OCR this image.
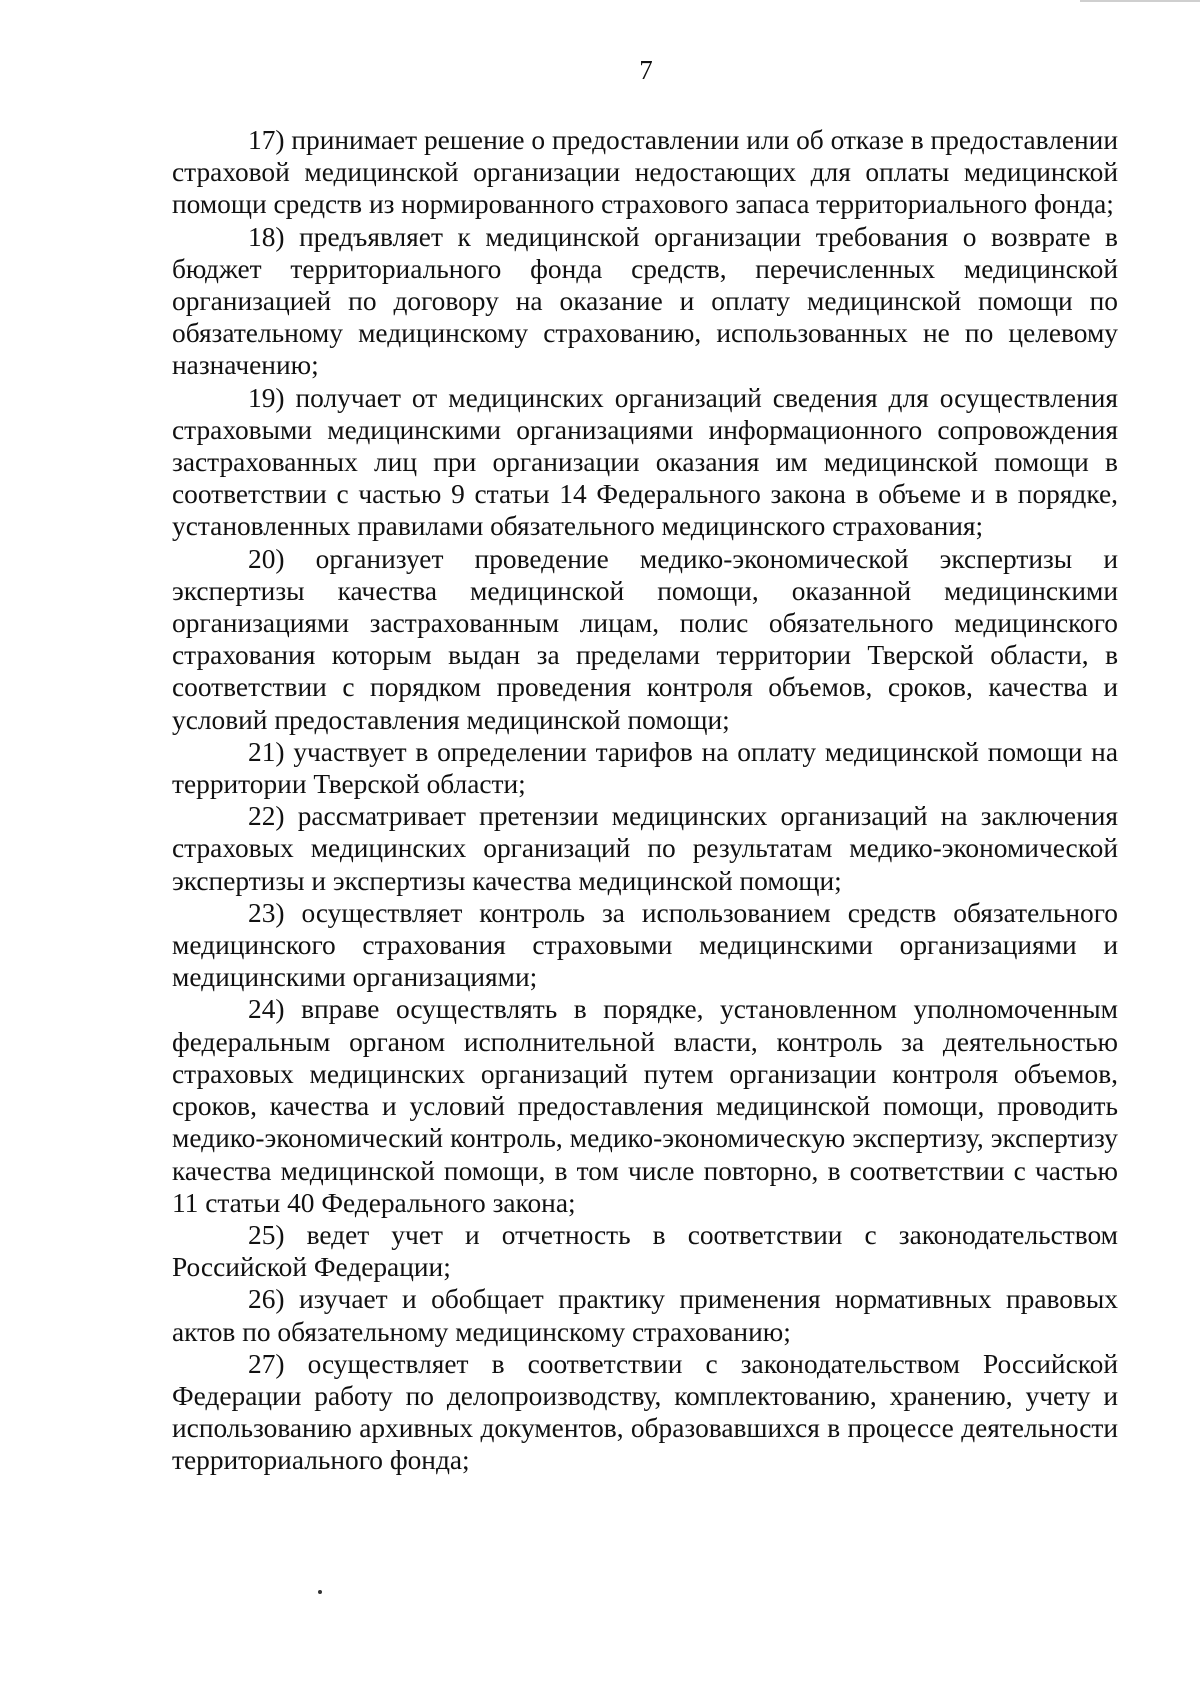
7

17) принимает решение о предоставлении или об отказе в предоставлении страховой медицинской организации недостающих для оплаты медицинской помощи средств из нормированного страхового запаса территориального фонда;

18) предъявляет к медицинской организации требования о возврате в бюджет территориального фонда средств, перечисленных медицинской организацией по договору на оказание и оплату медицинской помощи по обязательному медицинскому страхованию, использованных не по целевому назначению;

19) получает от медицинских организаций сведения для осуществления страховыми медицинскими организациями информационного сопровождения застрахованных лиц при организации оказания им медицинской помощи в соответствии с частью 9 статьи 14 Федерального закона в объеме и в порядке, установленных правилами обязательного медицинского страхования;

20) организует проведение медико-экономической экспертизы и экспертизы качества медицинской помощи, оказанной медицинскими организациями застрахованным лицам, полис обязательного медицинского страхования которым выдан за пределами территории Тверской области, в соответствии с порядком проведения контроля объемов, сроков, качества и условий предоставления медицинской помощи;

21) участвует в определении тарифов на оплату медицинской помощи на территории Тверской области;

22) рассматривает претензии медицинских организаций на заключения страховых медицинских организаций по результатам медико-экономической экспертизы и экспертизы качества медицинской помощи;

23) осуществляет контроль за использованием средств обязательного медицинского страхования страховыми медицинскими организациями и медицинскими организациями;

24) вправе осуществлять в порядке, установленном уполномоченным федеральным органом исполнительной власти, контроль за деятельностью страховых медицинских организаций путем организации контроля объемов, сроков, качества и условий предоставления медицинской помощи, проводить медико-экономический контроль, медико-экономическую экспертизу, экспертизу качества медицинской помощи, в том числе повторно, в соответствии с частью 11 статьи 40 Федерального закона;

25) ведет учет и отчетность в соответствии с законодательством Российской Федерации;

26) изучает и обобщает практику применения нормативных правовых актов по обязательному медицинскому страхованию;

27) осуществляет в соответствии с законодательством Российской Федерации работу по делопроизводству, комплектованию, хранению, учету и использованию архивных документов, образовавшихся в процессе деятельности территориального фонда;
